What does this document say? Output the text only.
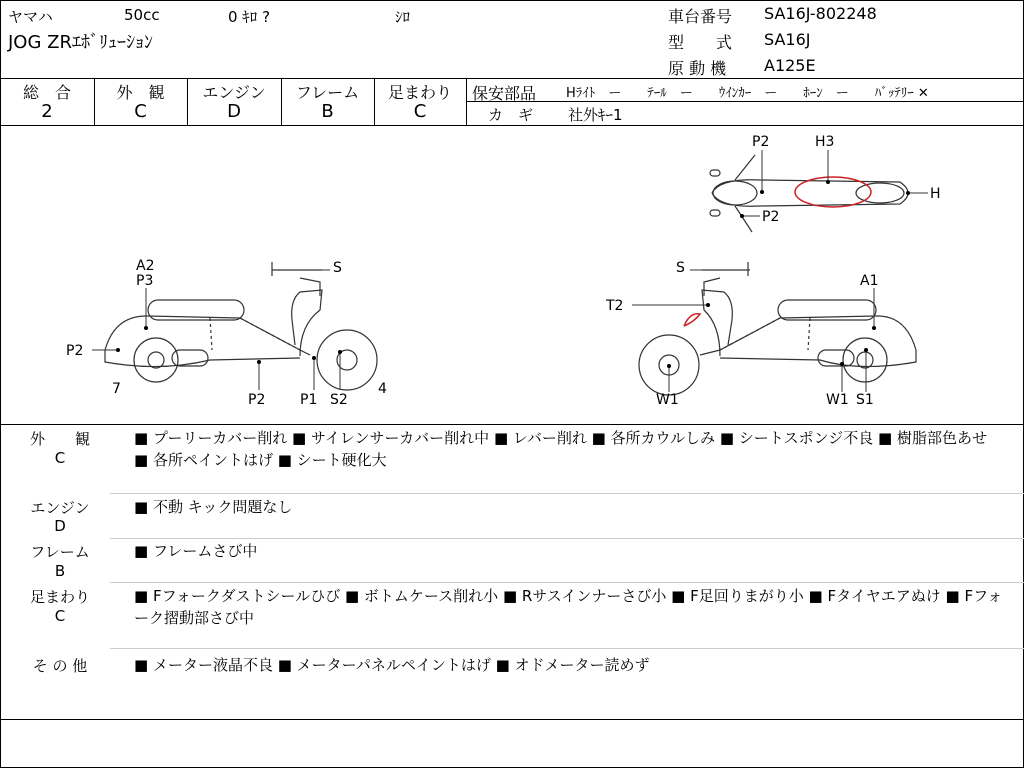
ヤマハ	50cc	0 ｷﾛ ?	ｼﾛ
JOG ZRｴﾎﾞﾘｭｰｼｮﾝ
車台番号 SA16J-802248
型　　式 SA16J
原 動 機 A125E
総　合
2
外　観
C
エンジン
D
フレーム
B
足まわり
C
保安部品 Hﾗｲﾄ　ー　　ﾃｰﾙ　ー　　ｳｲﾝｶｰ　ー　　ﾎｰﾝ　ー　　ﾊﾞｯﾃﾘｰ ✕
カ　ギ 社外ｷｰ1
A2
P3
S
P2
7
P2 P1 S2
4
S
A1
T2
W1	W1 S1
P2	H3
H
P2
外　　観
C
■ プーリーカバー削れ ■ サイレンサーカバー削れ中 ■ レバー削れ ■ 各所カウルしみ ■ シートスポンジ不良 ■ 樹脂部色あせ ■ 各所ペイントはげ ■ シート硬化大
エンジン
D
■ 不動 キック問題なし
フレーム
B
■ フレームさび中
足まわり
C
■ Fフォークダストシールひび ■ ボトムケース削れ小 ■ Rサスインナーさび小 ■ F足回りまがり小 ■ Fタイヤエアぬけ ■ Fフォーク摺動部さび中
そ の 他	■ メーター液晶不良 ■ メーターパネルペイントはげ ■ オドメーター読めず
